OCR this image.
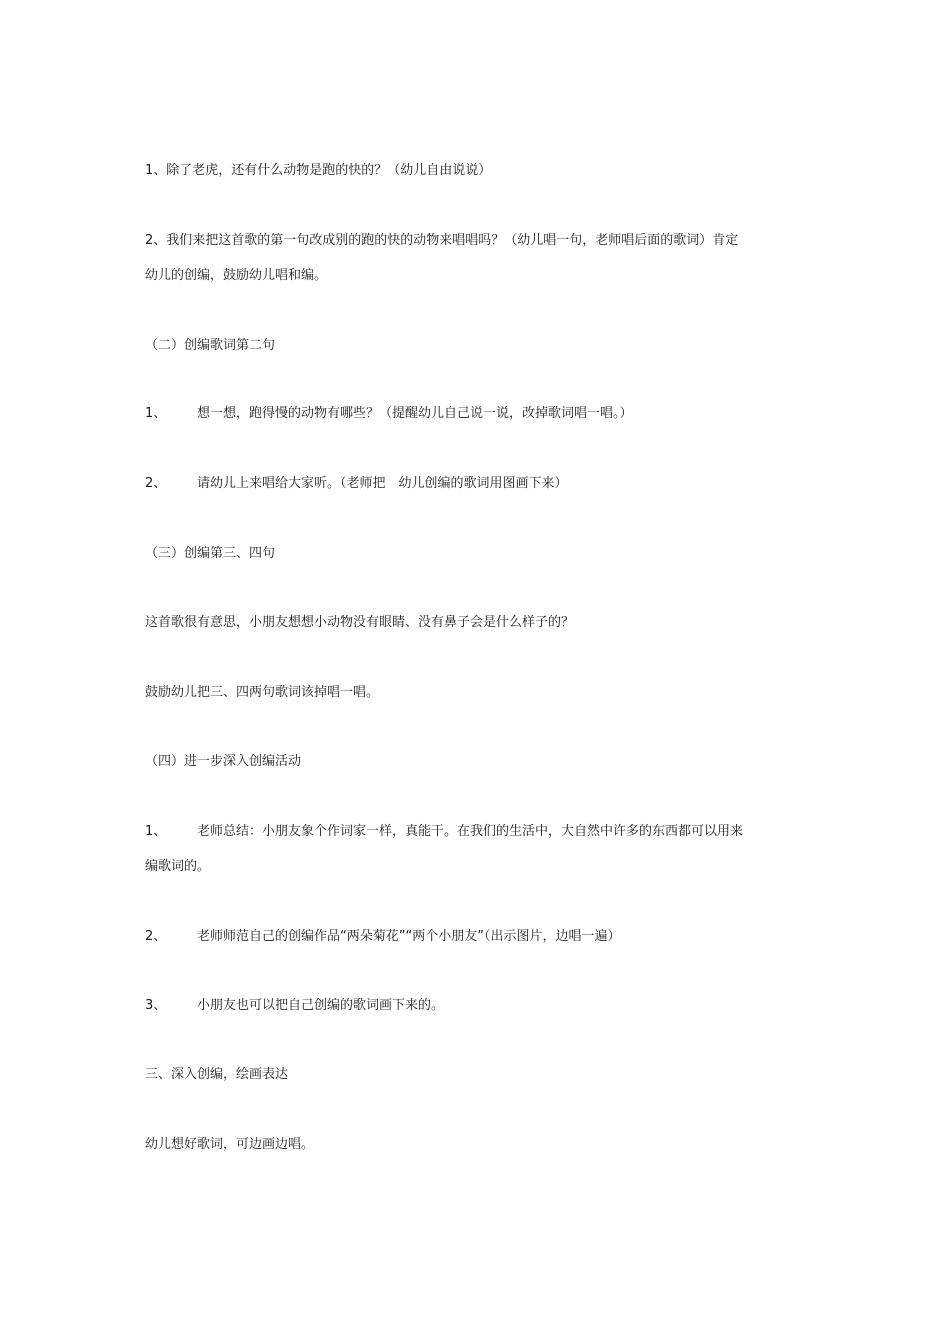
1、除了老虎，还有什么动物是跑的快的？（幼儿自由说说）
2、我们来把这首歌的第一句改成别的跑的快的动物来唱唱吗？（幼儿唱一句，老师唱后面的歌词）肯定
幼儿的创编，鼓励幼儿唱和编。
（二）创编歌词第二句
1、 想一想，跑得慢的动物有哪些？（提醒幼儿自己说一说，改掉歌词唱一唱。）
2、 请幼儿上来唱给大家听。（老师把　幼儿创编的歌词用图画下来）
（三）创编第三、四句
这首歌很有意思，小朋友想想小动物没有眼睛、没有鼻子会是什么样子的？
鼓励幼儿把三、四两句歌词该掉唱一唱。
（四）进一步深入创编活动
1、 老师总结：小朋友象个作词家一样，真能干。在我们的生活中，大自然中许多的东西都可以用来
编歌词的。
2、 老师师范自己的创编作品“两朵菊花”“两个小朋友”（出示图片，边唱一遍）
3、 小朋友也可以把自己创编的歌词画下来的。
三、深入创编，绘画表达
幼儿想好歌词，可边画边唱。
